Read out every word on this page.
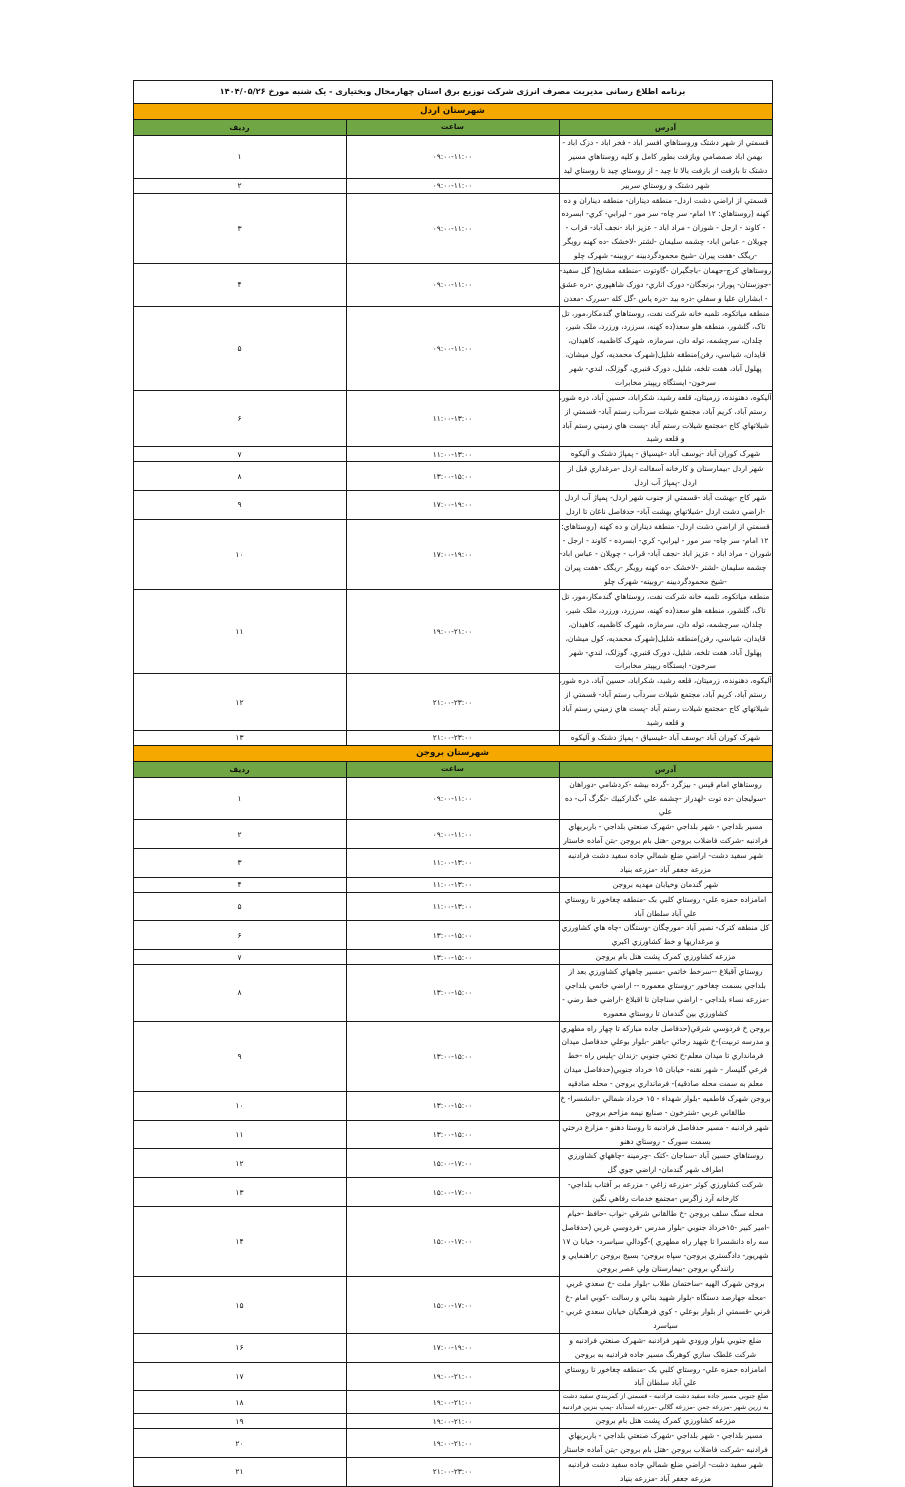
برنامه اطلاع رسانی مدیریت مصرف انرژی شرکت توزیع برق استان چهارمحال وبختیاری - یک شنبه مورخ ۱۴۰۴/۰۵/۲۶		
شهرستان اردل		
آدرس	ساعت	ردیف
قسمتي از شهر دشتک وروستاهاي افسر اباد - فخر اباد - دزک اباد - بهمن اباد صمصامي وبازفت بطور کامل و کليه روستاهاي مسير دشتک تا بازفت از بازفت بالا تا چيد - از روستاي چيد تا روستاي ليد	۰۹:۰۰-۱۱:۰۰	۱
شهر دشتک و روستاي سربير	۰۹:۰۰-۱۱:۰۰	۲
قسمتي از اراضي دشت اردل- منطقه ديناران- منطقه ديناران و ده کهنه (روستاهاي: ۱۲ امام- سر چاه- سر مور - ليرابي- کري- ابسرده - کاوند - ارجل - شوران - مراد اباد - عزيز اباد -نجف آباد- قراب - چويلان - عباس اباد- چشمه سليمان -لشتر -لاخشک -ده کهنه رويگر -ريگک -هفت پيران -شيخ محمودگردبينه -روبينه- شهرک چلو	۰۹:۰۰-۱۱:۰۰	۳
روستاهاي کرچ-جهمان -باجگيران -گاوتوت -منطقه مشايخ( گل سفيد- -جوزستان- پوراز- برنجگان- دورک اناري- دورک شاهپوري -دره عشق - ابشاران عليا و سفلي -دره بيد -دره ياس -گل کله -سررک -معدن	۰۹:۰۰-۱۱:۰۰	۴
منطقه مياتکوه، تلمبه خانه شرکت نفت، روستاهاي گندمکار،مور، تل تاک، گلشور، منطقه هلو سعد(ده کهنه، سرزرد، ورزرد، ملک شير، چلدان، سرچشمه، توله دان، سرمازه، شهرک کاظميه، کاهيدان، قايدان، شياسي، رفن)منطقه شليل(شهرک محمديه، کول ميشان، پهلول آباد، هفت تلخه، شليل، دورک قنبري، گوزلک، لندي- شهر سرخون- ايستگاه ريپيتر مخابرات	۰۹:۰۰-۱۱:۰۰	۵
آليکوه، دهنونده، زرميتان، قلعه رشيد، شکراباد، حسين آباد، دره شور، رستم آباد، کريم آباد، مجتمع شيلات سردآب رستم آباد- قسمتي از شيلاتهاي کاج -مجتمع شيلات رستم آباد -پست هاي زميني رستم آباد و قلعه رشيد	۱۱:۰۰-۱۳:۰۰	۶
شهرک کوران آباد -يوسف آباد -غيسياق - پمپاژ دشتک و آليکوه	۱۱:۰۰-۱۳:۰۰	۷
شهر اردل -بيمارستان و کارخانه آسفالت اردل -مرغداري قبل از اردل -پمپاژ آب اردل	۱۳:۰۰-۱۵:۰۰	۸
شهر کاج -بهشت آباد -قسمتي از جنوب شهر اردل- پمپاژ آب اردل -اراضي دشت اردل -شيلاتهاي بهشت آباد- حدفاصل ناغان تا اردل	۱۷:۰۰-۱۹:۰۰	۹
قسمتي از اراضي دشت اردل- منطقه ديناران و ده کهنه (روستاهاي: ۱۲ امام- سر چاه- سر مور - ليرابي- کري- ابسرده - کاوند - ارجل - شوران - مراد اباد - عزيز اباد -نجف آباد- قراب - چويلان - عباس اباد- چشمه سليمان -لشتر -لاخشک -ده کهنه رويگر -ريگک -هفت پيران -شيخ محمودگردبينه -روبينه- شهرک چلو	۱۷:۰۰-۱۹:۰۰	۱۰
منطقه مياتکوه، تلمبه خانه شرکت نفت، روستاهاي گندمکار،مور، تل تاک، گلشور، منطقه هلو سعد(ده کهنه، سرزرد، ورزرد، ملک شير، چلدان، سرچشمه، توله دان، سرمازه، شهرک کاظميه، کاهيدان، قايدان، شياسي، رفن)منطقه شليل(شهرک محمديه، کول ميشان، پهلول آباد، هفت تلخه، شليل، دورک قنبري، گوزلک، لندي- شهر سرخون- ايستگاه ريپيتر مخابرات	۱۹:۰۰-۲۱:۰۰	۱۱
آليکوه، دهنونده، زرميتان، قلعه رشيد، شکراباد، حسين آباد، دره شور، رستم آباد، کريم آباد، مجتمع شيلات سردآب رستم آباد- قسمتي از شيلاتهاي کاج -مجتمع شيلات رستم آباد -پست هاي زميني رستم آباد و قلعه رشيد	۲۱:۰۰-۲۳:۰۰	۱۲
شهرک کوران آباد -يوسف آباد -غيسياق - پمپاژ دشتک و آليکوه	۲۱:۰۰-۲۳:۰۰	۱۳
شهرستان بروجن		
آدرس	ساعت	ردیف
روستاهاي امام قيس - بيزگرد -گرده بيشه -کردشامي -دوراهان -سوليجان -ده توت -لهدراز -چشمه علي -گداركبيك -تگرگ آب- ده علي	۰۹:۰۰-۱۱:۰۰	۱
مسير بلداجي - شهر بلداجي -شهرک صنعتي بلداجي - باربربهاي فرادنبه -شرکت فاضلاب بروجن -هتل بام بروجن -بتن آماده خاستار	۰۹:۰۰-۱۱:۰۰	۲
شهر سفيد دشت- اراضي ضلع شمالي جاده سفيد دشت فرادنبه مزرعه جعفر آباد -مزرعه بنياد	۱۱:۰۰-۱۳:۰۰	۳
شهر گندمان وخيابان مهديه بروجن	۱۱:۰۰-۱۳:۰۰	۴
امامزاده حمزه علي- روستاي کلبي بک -منطقه چغاخور تا روستاي علي آباد سلطان آباد	۱۱:۰۰-۱۳:۰۰	۵
کل منطقه کترک- نصير آباد -مورچگان -وستگان -چاه هاي کشاورزي و مرغداريها و خط کشاورزي اکبري	۱۳:۰۰-۱۵:۰۰	۶
مزرعه کشاورزي کمرک پشت هتل بام بروجن	۱۳:۰۰-۱۵:۰۰	۷
روستاي آقبلاغ --سرخط خاتمي -مسير چاههاي کشاورزي بعد از بلداجي بسمت چغاخور -روستاي معموره -- اراضي خاتمي بلداجي -مزرعه نساء بلداجي - اراضي سناجان تا اقبلاغ -اراضي خط رضي - کشاورزي بين گندمان تا روستاي معموره	۱۳:۰۰-۱۵:۰۰	۸
بروجن خ فردوسي شرقي(حدفاصل جاده مبارکه تا چهار راه مطهري و مدرسه تربيت)-خ شهيد رجائي -باهنر -بلوار بوعلي حدفاصل ميدان فرمانداري تا ميدان معلم-خ تختي جنوبي -زندان -پليس راه -خط فرعي گليسار - شهر نقنه- خيابان ۱۵ خرداد جنوبي(حدفاصل ميدان معلم به سمت محله صادقيه)- فرمانداري بروجن - محله صادقيه	۱۳:۰۰-۱۵:۰۰	۹
بروجن شهرک فاطميه -بلوار شهداء - ۱۵ خرداد شمالي -دانشسرا- خ طالقاني غربي -شترخون - صنايع نيمه مزاحم بروجن	۱۳:۰۰-۱۵:۰۰	۱۰
شهر فرادنبه - مسير حدفاصل فرادنبه تا روستا دهنو - مزارع درختي بسمت سورک - روستاي دهنو	۱۳:۰۰-۱۵:۰۰	۱۱
روستاهاي حسين آباد -سناجان -کتک -چرمينه -چاههاي کشاورزي اطراف شهر گندمان- اراضي جوي گل	۱۵:۰۰-۱۷:۰۰	۱۲
شرکت کشاورزي کوثر -مزرعه زاغي - مزرعه بر آفتاب بلداجي- کارخانه آرد زاگرس -مجتمع خدمات رفاهي نگين	۱۵:۰۰-۱۷:۰۰	۱۳
محله سنگ سلف بروجن -خ طالقاني شرقي -نواب -حافظ -خيام -امير کبير -۱۵خرداد جنوبي -بلوار مدرس -فردوسي غربي (حدفاصل سه راه دانشسرا تا چهار راه مطهري )-گودالي سياسرد- خيابا ن ۱۷ شهريور- دادگستري بروجن- سپاه بروجن- بسيج بروجن -راهنمايي و رانندگي بروجن -بيمارستان ولي عصر بروجن	۱۵:۰۰-۱۷:۰۰	۱۴
بروجن شهرک الهيه -ساختمان طلاب -بلوار ملت -خ سعدي غربي -محله جهارصد دستگاه -بلوار شهيد بنائي و رسالت -کوبي امام -خ قرني -قسمتي از بلوار بوعلي - کوي فرهنگيان خيابان سعدي غربي - سياسرد	۱۵:۰۰-۱۷:۰۰	۱۵
ضلع جنوبي بلوار ورودي شهر فرادنبه -شهرک صنعتي فرادنبه و شرکت غلطک سازي کوهرنگ مسير جاده فرادنبه به بروجن	۱۷:۰۰-۱۹:۰۰	۱۶
امامزاده حمزه علي- روستاي کلبي بک -منطقه چغاخور تا روستاي علي آباد سلطان آباد	۱۹:۰۰-۲۱:۰۰	۱۷
ضلع جنوبي مسير جاده سفيد دشت فرادنبه - قسمتي از کمربندي سفيد دشت به زرين شهر -مزرعه جمن -مزرعه گلالي -مزرعه اسدآباد -پمپ بنزين فرادنبه	۱۹:۰۰-۲۱:۰۰	۱۸
مزرعه کشاورزي کمرک پشت هتل بام بروجن	۱۹:۰۰-۲۱:۰۰	۱۹
مسير بلداجي - شهر بلداجي -شهرک صنعتي بلداجي - باربربهاي فرادنبه -شرکت فاضلاب بروجن -هتل بام بروجن -بتن آماده خاستار	۱۹:۰۰-۲۱:۰۰	۲۰
شهر سفيد دشت- اراضي ضلع شمالي جاده سفيد دشت فرادنبه مزرعه جعفر آباد -مزرعه بنياد	۲۱:۰۰-۲۳:۰۰	۲۱
